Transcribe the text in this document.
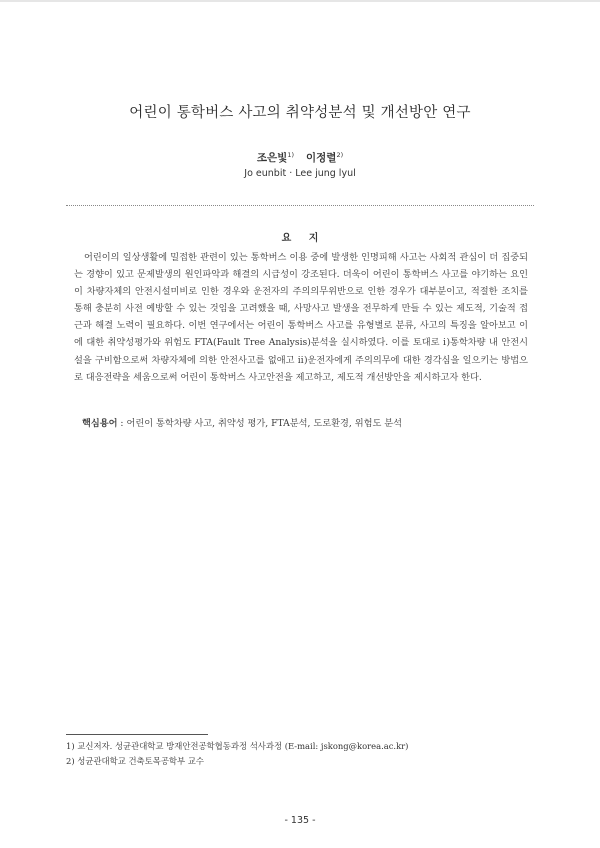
어린이 통학버스 사고의 취약성분석 및 개선방안 연구
조은빛$^{1)}$ 이정렬$^{2)}$
Jo eunbit · Lee jung lyul
요 지

어린이의 일상생활에 밀접한 관련이 있는 통학버스 이용 중에 발생한 인명피해 사고는 사회적 관심이 더 집중되는 경향이 있고 문제발생의 원인파악과 해결의 시급성이 강조된다. 더욱이 어린이 통학버스 사고를 야기하는 요인이 차량자체의 안전시설미비로 인한 경우와 운전자의 주의의무위반으로 인한 경우가 대부분이고, 적절한 조치를 통해 충분히 사전 예방할 수 있는 것임을 고려했을 때, 사망사고 발생을 전무하게 만들 수 있는 제도적, 기술적 접근과 해결 노력이 필요하다. 이번 연구에서는 어린이 통학버스 사고를 유형별로 분류, 사고의 특징을 알아보고 이에 대한 취약성평가와 위험도 FTA(Fault Tree Analysis)분석을 실시하였다. 이를 토대로 ⅰ)통학차량 내 안전시설을 구비함으로써 차량자체에 의한 안전사고를 없애고 ⅱ)운전자에게 주의의무에 대한 경각심을 일으키는 방법으로 대응전략을 세움으로써 어린이 통학버스 사고안전을 제고하고, 제도적 개선방안을 제시하고자 한다.

핵심용어 : 어린이 통학차량 사고, 취약성 평가, FTA분석, 도로환경, 위험도 분석
1) 교신저자. 성균관대학교 방재안전공학협동과정 석사과정 (E-mail: jskong@korea.ac.kr)
2) 성균관대학교 건축토목공학부 교수
- 135 -
